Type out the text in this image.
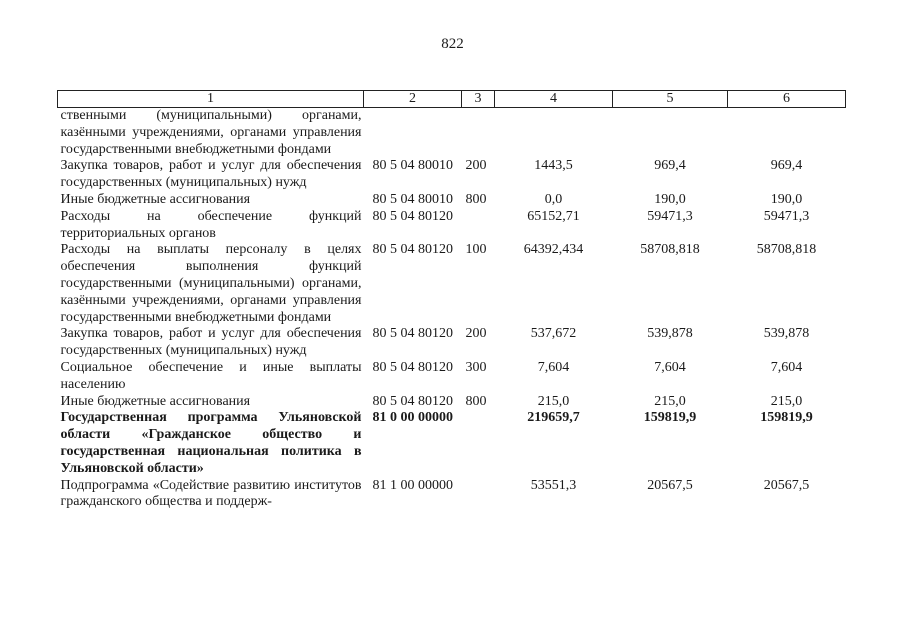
822
1	2	3	4	5	6
ственными (муниципальными) органами, казёнными учреждениями, органами управления государственными внебюджетными фондами					
Закупка товаров, работ и услуг для обеспечения государственных (муниципальных) нужд	80 5 04 80010	200	1443,5	969,4	969,4
Иные бюджетные ассигнования	80 5 04 80010	800	0,0	190,0	190,0
Расходы на обеспечение функций территориальных органов	80 5 04 80120		65152,71	59471,3	59471,3
Расходы на выплаты персоналу в целях обеспечения выполнения функций государственными (муниципальными) органами, казёнными учреждениями, органами управления государственными внебюджетными фондами	80 5 04 80120	100	64392,434	58708,818	58708,818
Закупка товаров, работ и услуг для обеспечения государственных (муниципальных) нужд	80 5 04 80120	200	537,672	539,878	539,878
Социальное обеспечение и иные выплаты населению	80 5 04 80120	300	7,604	7,604	7,604
Иные бюджетные ассигнования	80 5 04 80120	800	215,0	215,0	215,0
Государственная программа Ульяновской области «Гражданское общество и государственная национальная политика в Ульяновской области»	81 0 00 00000		219659,7	159819,9	159819,9
Подпрограмма «Содействие развитию институтов гражданского общества и поддерж-	81 1 00 00000		53551,3	20567,5	20567,5
